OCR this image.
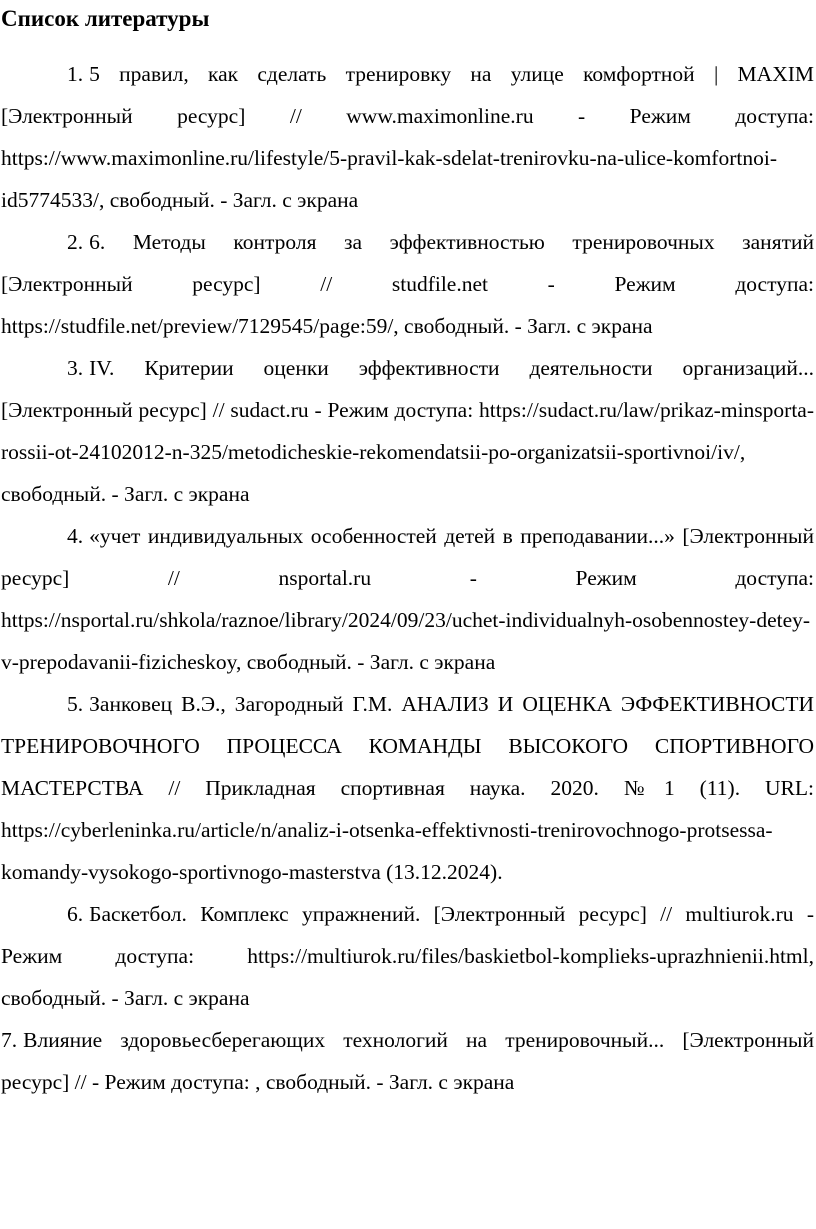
Список литературы
1. 5 правил, как сделать тренировку на улице комфортной | MAXIM [Электронный ресурс] // www.maximonline.ru - Режим доступа: https://www.maximonline.ru/lifestyle/5-pravil-kak-sdelat-trenirovku-na-ulice-komfortnoi-id5774533/, свободный. - Загл. с экрана
2. 6. Методы контроля за эффективностью тренировочных занятий [Электронный ресурс] // studfile.net - Режим доступа: https://studfile.net/preview/7129545/page:59/, свободный. - Загл. с экрана
3. IV. Критерии оценки эффективности деятельности организаций... [Электронный ресурс] // sudact.ru - Режим доступа: https://sudact.ru/law/prikaz-minsporta-rossii-ot-24102012-n-325/metodicheskie-rekomendatsii-po-organizatsii-sportivnoi/iv/, свободный. - Загл. с экрана
4. «учет индивидуальных особенностей детей в преподавании...» [Электронный ресурс] // nsportal.ru - Режим доступа: https://nsportal.ru/shkola/raznoe/library/2024/09/23/uchet-individualnyh-osobennostey-detey-v-prepodavanii-fizicheskoy, свободный. - Загл. с экрана
5. Занковец В.Э., Загородный Г.М. АНАЛИЗ И ОЦЕНКА ЭФФЕКТИВНОСТИ ТРЕНИРОВОЧНОГО ПРОЦЕССА КОМАНДЫ ВЫСОКОГО СПОРТИВНОГО МАСТЕРСТВА // Прикладная спортивная наука. 2020. №1 (11). URL: https://cyberleninka.ru/article/n/analiz-i-otsenka-effektivnosti-trenirovochnogo-protsessa-komandy-vysokogo-sportivnogo-masterstva (13.12.2024).
6. Баскетбол. Комплекс упражнений. [Электронный ресурс] // multiurok.ru - Режим доступа: https://multiurok.ru/files/baskietbol-komplieks-uprazhnienii.html, свободный. - Загл. с экрана
7. Влияние здоровьесберегающих технологий на тренировочный... [Электронный ресурс] // - Режим доступа: , свободный. - Загл. с экрана
